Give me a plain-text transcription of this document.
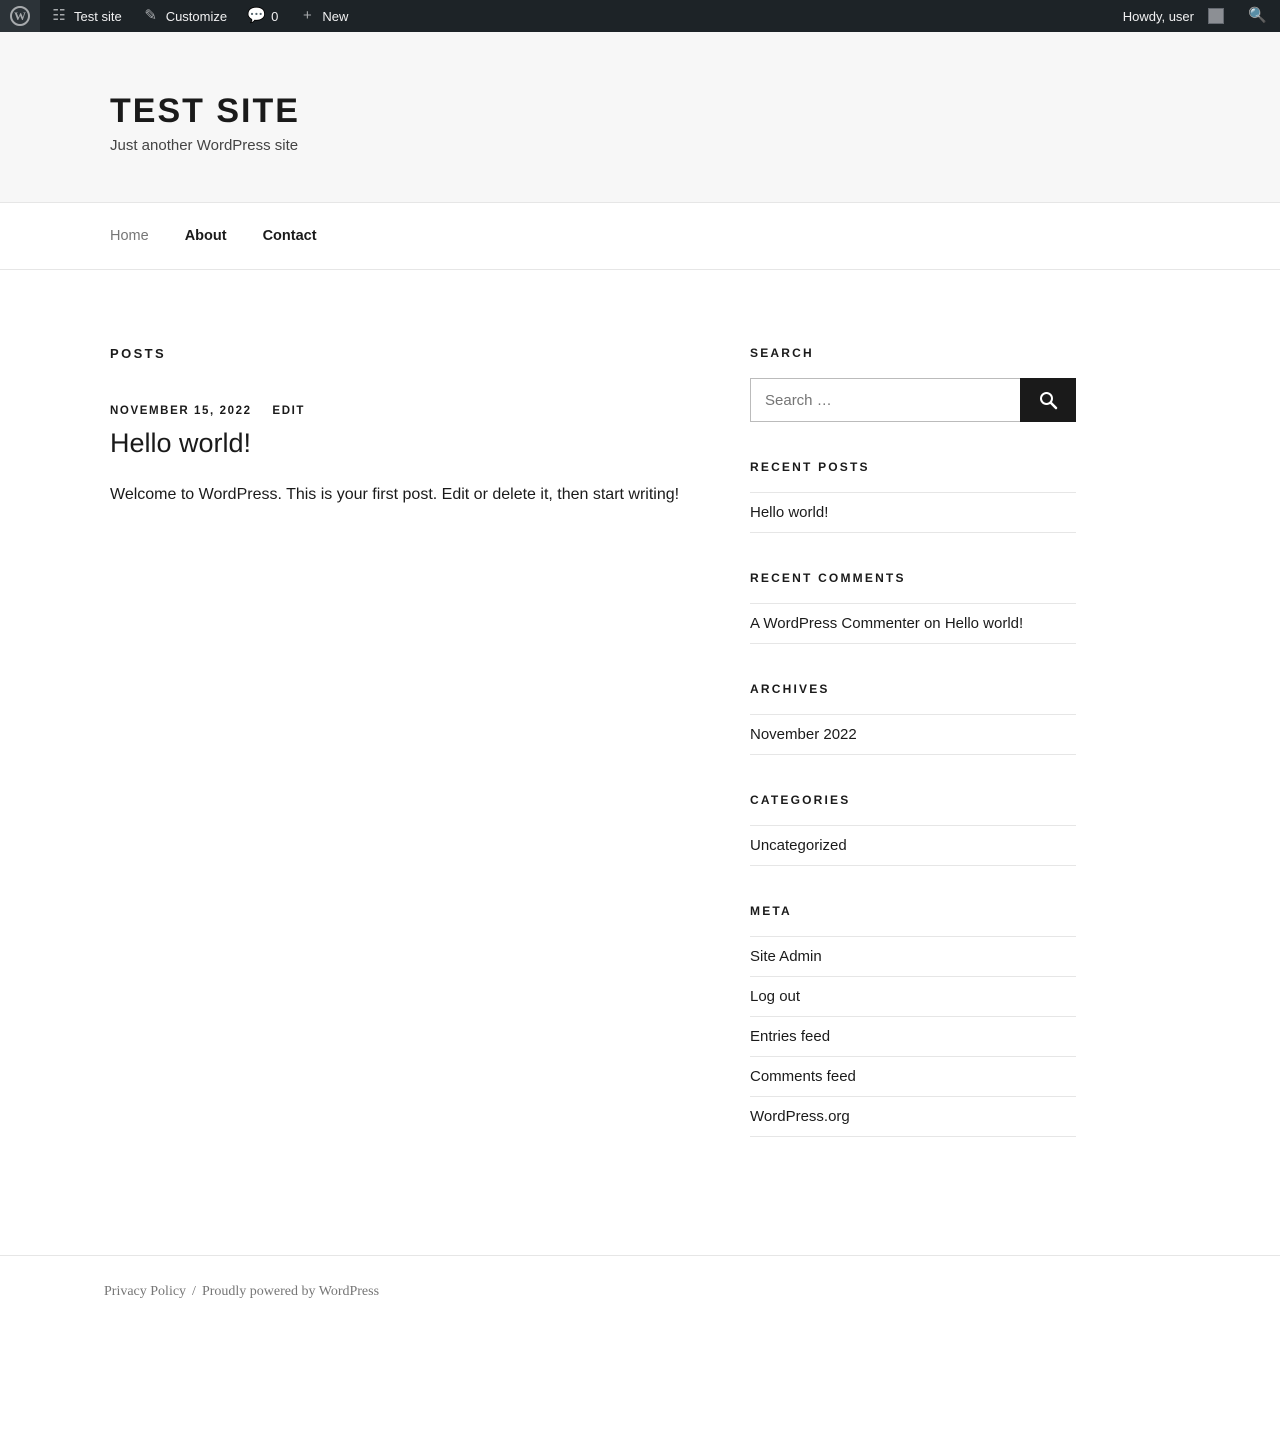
W
☷ Test site ✎ Customize 💬 0	+ New	Howdy, user	🔍
TEST SITE

Just another WordPress site

Home About Contact
POSTS
NOVEMBER 15, 2022 EDIT
Hello world!

Welcome to WordPress. This is your first post. Edit or delete it, then start writing!

SEARCH
Search …
RECENT POSTS
Hello world!
RECENT COMMENTS
A WordPress Commenter on Hello world!
ARCHIVES
November 2022
CATEGORIES
Uncategorized
META
Site Admin
Log out
Entries feed
Comments feed
WordPress.org
Privacy Policy / Proudly powered by WordPress
